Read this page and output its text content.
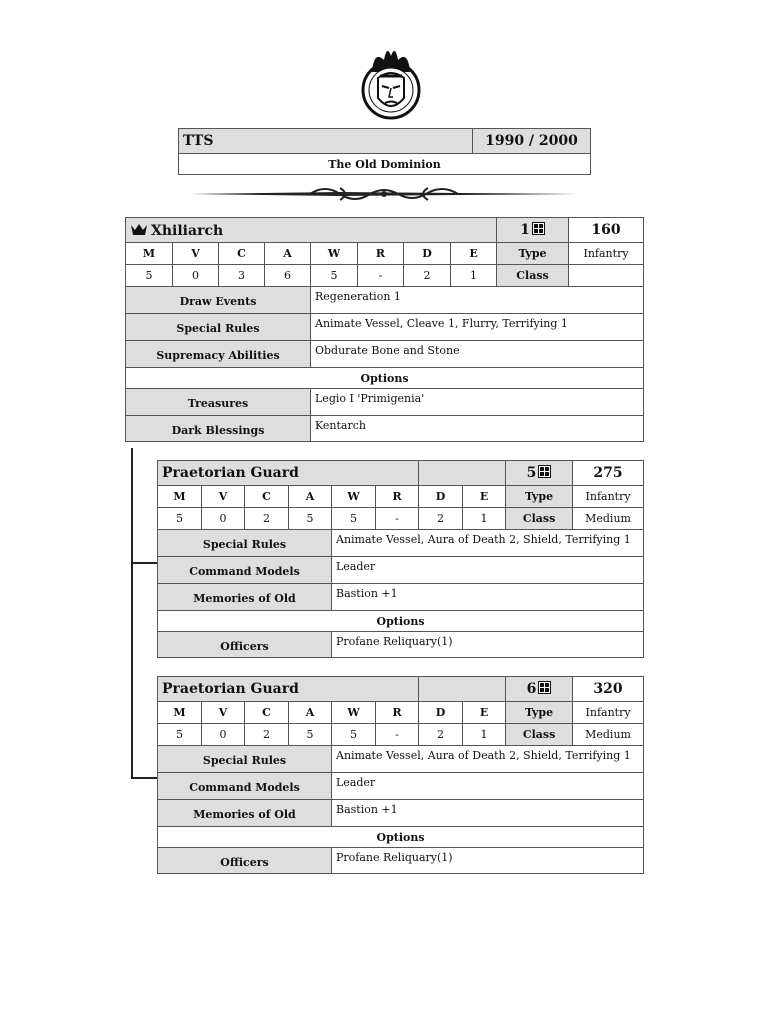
TTS	1990 / 2000
The Old Dominion
Xhiliarch								1	160
M	V	C	A	W	R	D	E	Type	Infantry
5	0	3	6	5	-	2	1	Class	
Draw Events				Regeneration 1					
Special Rules				Animate Vessel, Cleave 1, Flurry, Terrifying 1					
Supremacy Abilities				Obdurate Bone and Stone					
Options									
Treasures				Legio I 'Primigenia'					
Dark Blessings				Kentarch					
Praetorian Guard								5	275
M	V	C	A	W	R	D	E	Type	Infantry
5	0	2	5	5	-	2	1	Class	Medium
Special Rules				Animate Vessel, Aura of Death 2, Shield, Terrifying 1					
Command Models				Leader					
Memories of Old				Bastion +1					
Options									
Officers				Profane Reliquary(1)					
Praetorian Guard								6	320
M	V	C	A	W	R	D	E	Type	Infantry
5	0	2	5	5	-	2	1	Class	Medium
Special Rules				Animate Vessel, Aura of Death 2, Shield, Terrifying 1					
Command Models				Leader					
Memories of Old				Bastion +1					
Options									
Officers				Profane Reliquary(1)					
